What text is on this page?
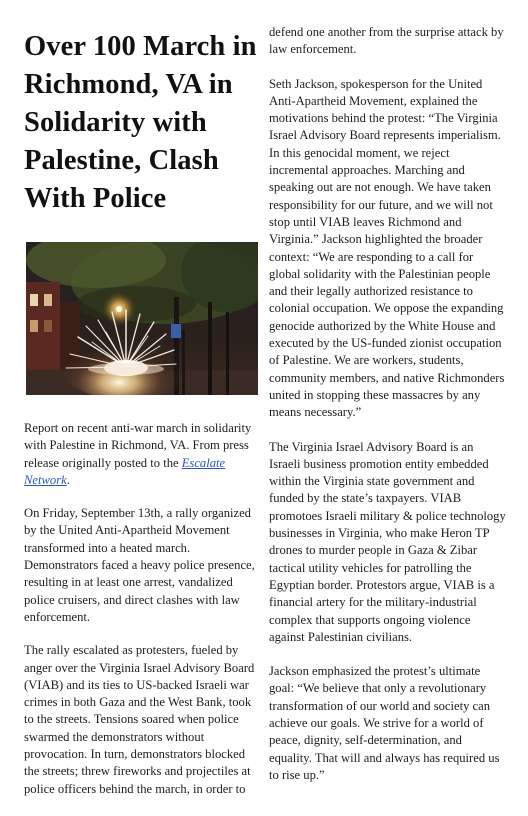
Over 100 March in Richmond, VA in Solidarity with Palestine, Clash With Police

Report on recent anti-war march in solidarity with Palestine in Richmond, VA. From press release originally posted to the Escalate Network.

On Friday, September 13th, a rally organized by the United Anti-Apartheid Movement transformed into a heated march. Demonstrators faced a heavy police presence, resulting in at least one arrest, vandalized police cruisers, and direct clashes with law enforcement.

The rally escalated as protesters, fueled by anger over the Virginia Israel Advisory Board (VIAB) and its ties to US-backed Israeli war crimes in both Gaza and the West Bank, took to the streets. Tensions soared when police swarmed the demonstrators without provocation. In turn, demonstrators blocked the streets; threw fireworks and projectiles at police officers behind the march, in order to

defend one another from the surprise attack by law enforcement.

Seth Jackson, spokesperson for the United Anti-Apartheid Movement, explained the motivations behind the protest: “The Virginia Israel Advisory Board represents imperialism. In this genocidal moment, we reject incremental approaches. Marching and speaking out are not enough. We have taken responsibility for our future, and we will not stop until VIAB leaves Richmond and Virginia.” Jackson highlighted the broader context: “We are responding to a call for global solidarity with the Palestinian people and their legally authorized resistance to colonial occupation. We oppose the expanding genocide authorized by the White House and executed by the US-funded zionist occupation of Palestine. We are workers, students, community members, and native Richmonders united in stopping these massacres by any means necessary.”

The Virginia Israel Advisory Board is an Israeli business promotion entity embedded within the Virginia state government and funded by the state’s taxpayers. VIAB promotoes Israeli military & police technology businesses in Virginia, who make Heron TP drones to murder people in Gaza & Zibar tactical utility vehicles for patrolling the Egyptian border. Protestors argue, VIAB is a financial artery for the military-industrial complex that supports ongoing violence against Palestinian civilians.

Jackson emphasized the protest’s ultimate goal: “We believe that only a revolutionary transformation of our world and society can achieve our goals. We strive for a world of peace, dignity, self-determination, and equality. That will and always has required us to rise up.”
